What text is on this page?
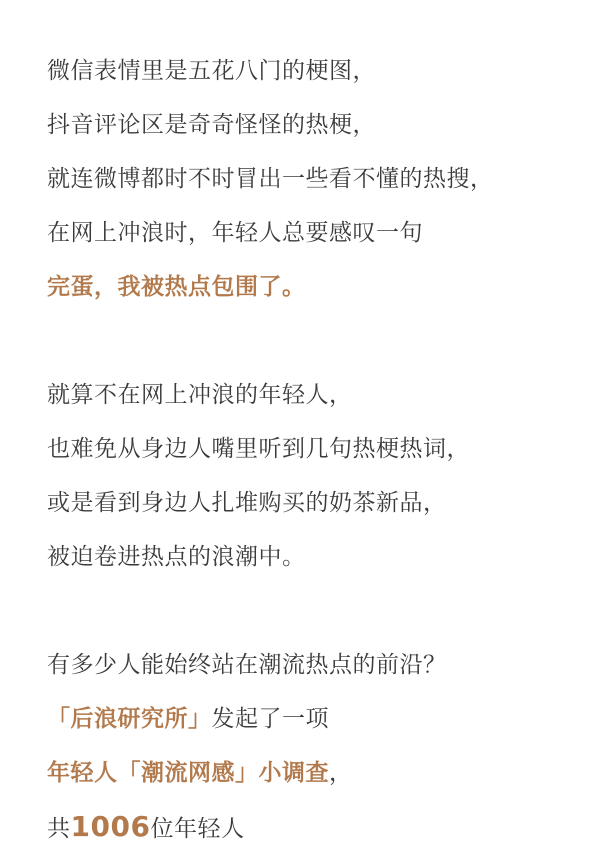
微信表情里是五花八门的梗图，
抖音评论区是奇奇怪怪的热梗，
就连微博都时不时冒出一些看不懂的热搜，
在网上冲浪时，年轻人总要感叹一句
完蛋，我被热点包围了。
就算不在网上冲浪的年轻人，
也难免从身边人嘴里听到几句热梗热词，
或是看到身边人扎堆购买的奶茶新品，
被迫卷进热点的浪潮中。
有多少人能始终站在潮流热点的前沿？
「后浪研究所」发起了一项
年轻人「潮流网感」小调查，
共1006位年轻人
